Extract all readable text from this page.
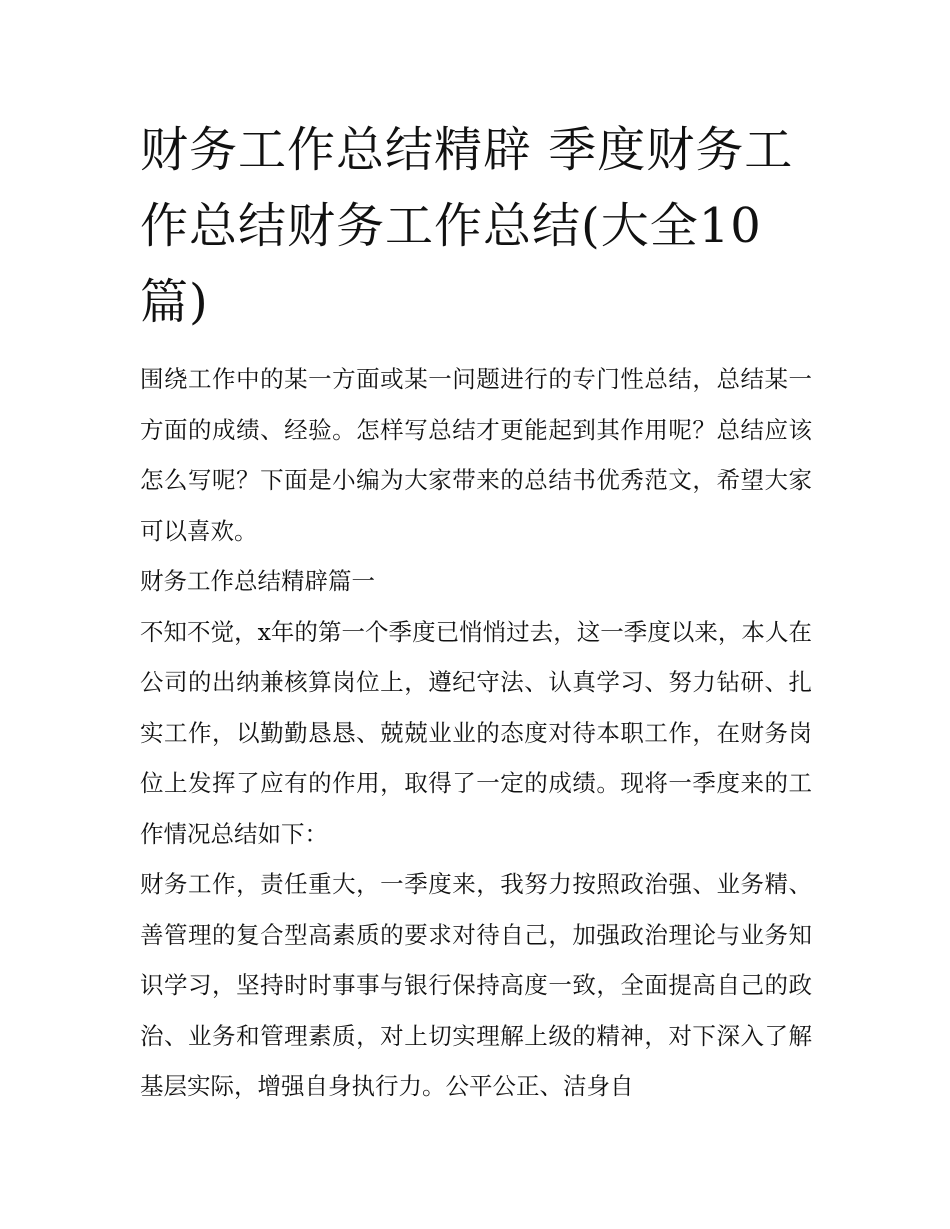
财务工作总结精辟 季度财务工作总结财务工作总结(大全10篇)

围绕工作中的某一方面或某一问题进行的专门性总结，总结某一方面的成绩、经验。怎样写总结才更能起到其作用呢？总结应该怎么写呢？下面是小编为大家带来的总结书优秀范文，希望大家可以喜欢。

财务工作总结精辟篇一

不知不觉，x年的第一个季度已悄悄过去，这一季度以来，本人在公司的出纳兼核算岗位上，遵纪守法、认真学习、努力钻研、扎实工作，以勤勤恳恳、兢兢业业的态度对待本职工作，在财务岗位上发挥了应有的作用，取得了一定的成绩。现将一季度来的工作情况总结如下：

财务工作，责任重大，一季度来，我努力按照政治强、业务精、善管理的复合型高素质的要求对待自己，加强政治理论与业务知识学习，坚持时时事事与银行保持高度一致，全面提高自己的政治、业务和管理素质，对上切实理解上级的精神，对下深入了解基层实际，增强自身执行力。公平公正、洁身自
